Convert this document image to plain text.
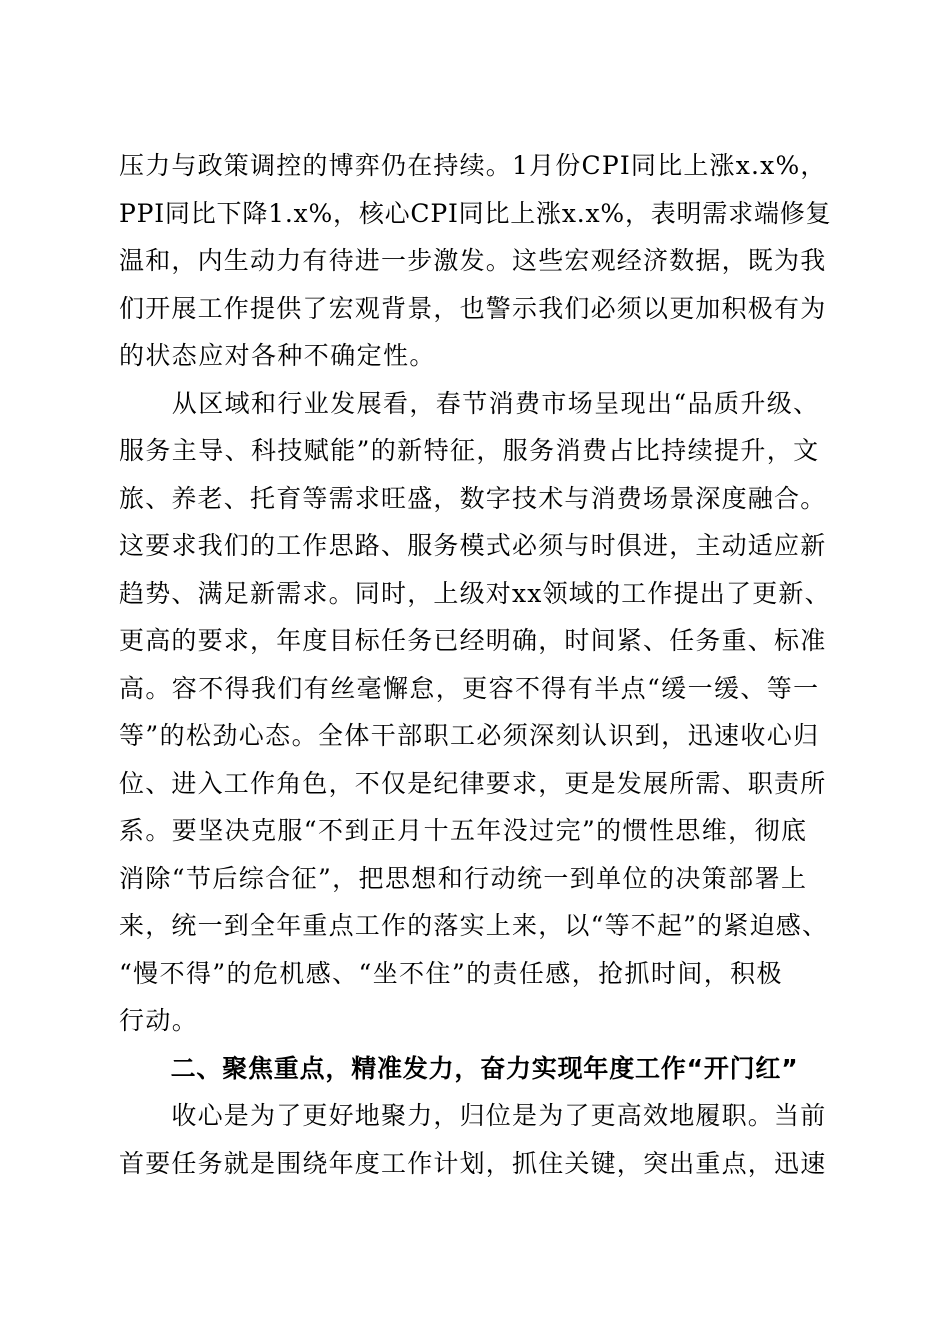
压力与政策调控的博弈仍在持续。1月份CPI同比上涨x.x%，
PPI同比下降1.x%，核心CPI同比上涨x.x%，表明需求端修复
温和，内生动力有待进一步激发。这些宏观经济数据，既为我
们开展工作提供了宏观背景，也警示我们必须以更加积极有为
的状态应对各种不确定性。
　　从区域和行业发展看，春节消费市场呈现出“品质升级、
服务主导、科技赋能”的新特征，服务消费占比持续提升，文
旅、养老、托育等需求旺盛，数字技术与消费场景深度融合。
这要求我们的工作思路、服务模式必须与时俱进，主动适应新
趋势、满足新需求。同时，上级对xx领域的工作提出了更新、
更高的要求，年度目标任务已经明确，时间紧、任务重、标准
高。容不得我们有丝毫懈怠，更容不得有半点“缓一缓、等一
等”的松劲心态。全体干部职工必须深刻认识到，迅速收心归
位、进入工作角色，不仅是纪律要求，更是发展所需、职责所
系。要坚决克服“不到正月十五年没过完”的惯性思维，彻底
消除“节后综合征”，把思想和行动统一到单位的决策部署上
来，统一到全年重点工作的落实上来，以“等不起”的紧迫感、
“慢不得”的危机感、“坐不住”的责任感，抢抓时间，积极
行动。
　　二、聚焦重点，精准发力，奋力实现年度工作“开门红”
　　收心是为了更好地聚力，归位是为了更高效地履职。当前
首要任务就是围绕年度工作计划，抓住关键，突出重点，迅速
